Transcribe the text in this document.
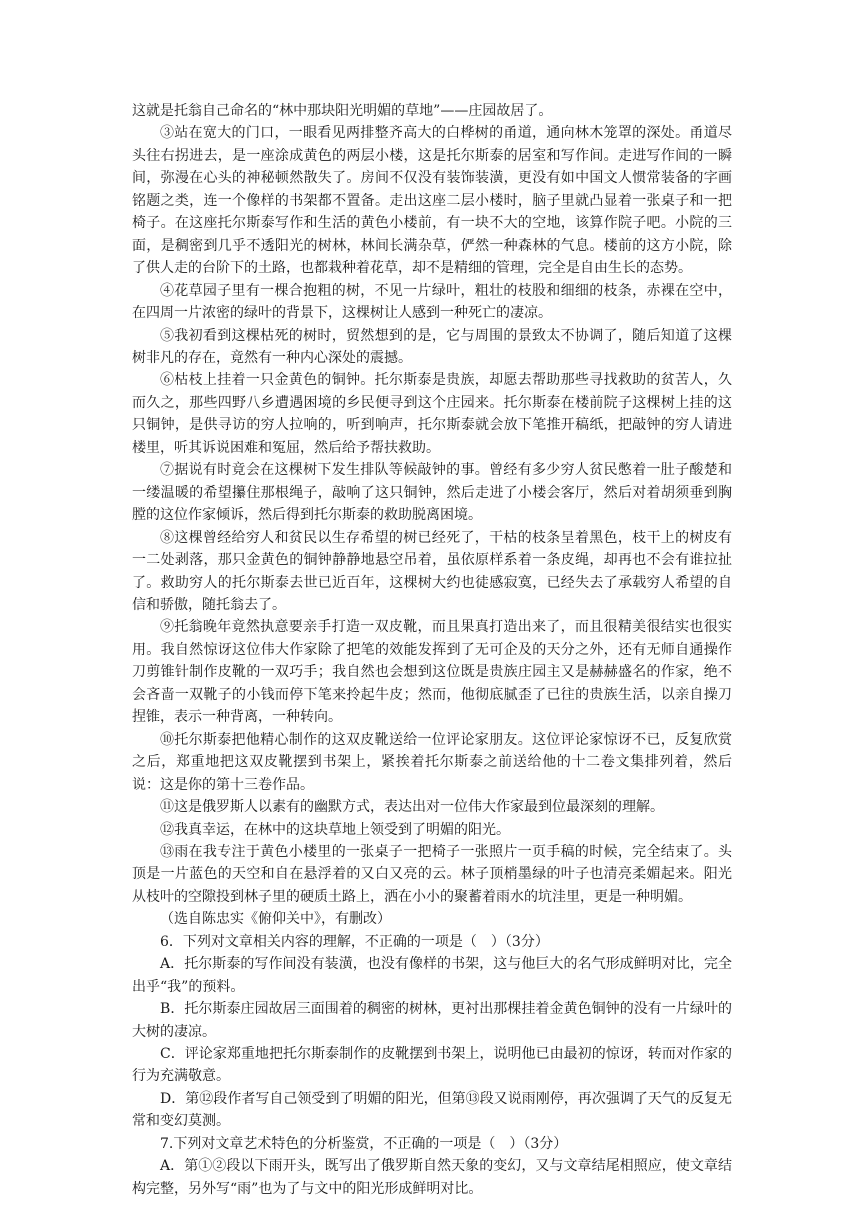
这就是托翁自己命名的“林中那块阳光明媚的草地”——庄园故居了。

③站在宽大的门口，一眼看见两排整齐高大的白桦树的甬道，通向林木笼罩的深处。甬道尽头往右拐进去，是一座涂成黄色的两层小楼，这是托尔斯泰的居室和写作间。走进写作间的一瞬间，弥漫在心头的神秘顿然散失了。房间不仅没有装饰装潢，更没有如中国文人惯常装备的字画铭题之类，连一个像样的书架都不置备。走出这座二层小楼时，脑子里就凸显着一张桌子和一把椅子。在这座托尔斯泰写作和生活的黄色小楼前，有一块不大的空地，该算作院子吧。小院的三面，是稠密到几乎不透阳光的树林，林间长满杂草，俨然一种森林的气息。楼前的这方小院，除了供人走的台阶下的土路，也都栽种着花草，却不是精细的管理，完全是自由生长的态势。

④花草园子里有一棵合抱粗的树，不见一片绿叶，粗壮的枝股和细细的枝条，赤裸在空中，在四周一片浓密的绿叶的背景下，这棵树让人感到一种死亡的凄凉。

⑤我初看到这棵枯死的树时，贸然想到的是，它与周围的景致太不协调了，随后知道了这棵树非凡的存在，竟然有一种内心深处的震撼。

⑥枯枝上挂着一只金黄色的铜钟。托尔斯泰是贵族，却愿去帮助那些寻找救助的贫苦人，久而久之，那些四野八乡遭遇困境的乡民便寻到这个庄园来。托尔斯泰在楼前院子这棵树上挂的这只铜钟，是供寻访的穷人拉响的，听到响声，托尔斯泰就会放下笔推开稿纸，把敲钟的穷人请进楼里，听其诉说困难和冤屈，然后给予帮扶救助。

⑦据说有时竟会在这棵树下发生排队等候敲钟的事。曾经有多少穷人贫民憋着一肚子酸楚和一缕温暖的希望攥住那根绳子，敲响了这只铜钟，然后走进了小楼会客厅，然后对着胡须垂到胸膛的这位作家倾诉，然后得到托尔斯泰的救助脱离困境。

⑧这棵曾经给穷人和贫民以生存希望的树已经死了，干枯的枝条呈着黑色，枝干上的树皮有一二处剥落，那只金黄色的铜钟静静地悬空吊着，虽依原样系着一条皮绳，却再也不会有谁拉扯了。救助穷人的托尔斯泰去世已近百年，这棵树大约也徒感寂寞，已经失去了承载穷人希望的自信和骄傲，随托翁去了。

⑨托翁晚年竟然执意要亲手打造一双皮靴，而且果真打造出来了，而且很精美很结实也很实用。我自然惊讶这位伟大作家除了把笔的效能发挥到了无可企及的天分之外，还有无师自通操作刀剪锥针制作皮靴的一双巧手；我自然也会想到这位既是贵族庄园主又是赫赫盛名的作家，绝不会吝啬一双靴子的小钱而停下笔来拎起牛皮；然而，他彻底腻歪了已往的贵族生活，以亲自操刀捏锥，表示一种背离，一种转向。

⑩托尔斯泰把他精心制作的这双皮靴送给一位评论家朋友。这位评论家惊讶不已，反复欣赏之后，郑重地把这双皮靴摆到书架上，紧挨着托尔斯泰之前送给他的十二卷文集排列着，然后说：这是你的第十三卷作品。

⑪这是俄罗斯人以素有的幽默方式，表达出对一位伟大作家最到位最深刻的理解。

⑫我真幸运，在林中的这块草地上领受到了明媚的阳光。

⑬雨在我专注于黄色小楼里的一张桌子一把椅子一张照片一页手稿的时候，完全结束了。头顶是一片蓝色的天空和自在悬浮着的又白又亮的云。林子顶梢墨绿的叶子也清亮柔媚起来。阳光从枝叶的空隙投到林子里的硬质土路上，洒在小小的聚蓄着雨水的坑洼里，更是一种明媚。

（选自陈忠实《俯仰关中》，有删改）

6．下列对文章相关内容的理解，不正确的一项是（　）（3分）

A．托尔斯泰的写作间没有装潢，也没有像样的书架，这与他巨大的名气形成鲜明对比，完全出乎“我”的预料。

B．托尔斯泰庄园故居三面围着的稠密的树林，更衬出那棵挂着金黄色铜钟的没有一片绿叶的大树的凄凉。

C．评论家郑重地把托尔斯泰制作的皮靴摆到书架上，说明他已由最初的惊讶，转而对作家的行为充满敬意。

D．第⑫段作者写自己领受到了明媚的阳光，但第⑬段又说雨刚停，再次强调了天气的反复无常和变幻莫测。

7.下列对文章艺术特色的分析鉴赏，不正确的一项是（　）（3分）

A．第①②段以下雨开头，既写出了俄罗斯自然天象的变幻，又与文章结尾相照应，使文章结构完整，另外写“雨”也为了与文中的阳光形成鲜明对比。
